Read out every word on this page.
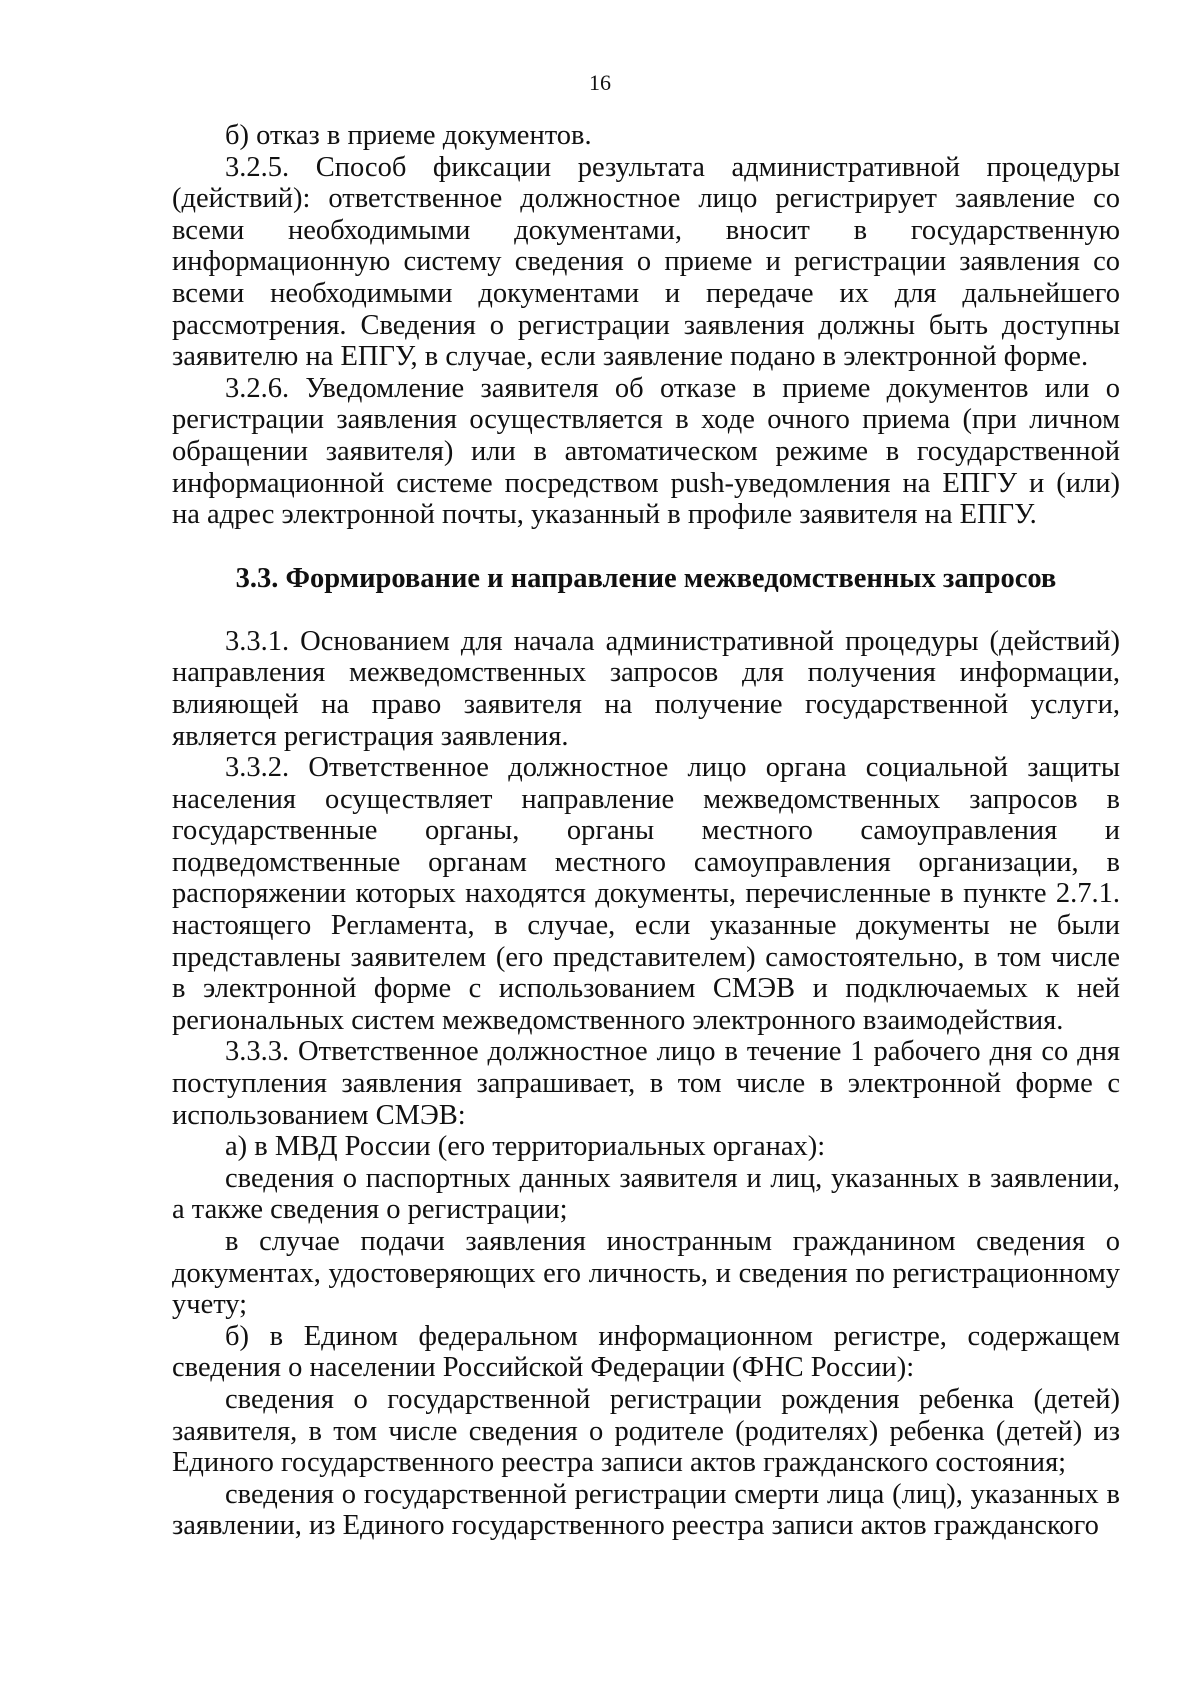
16

б) отказ в приеме документов.

3.2.5. Способ фиксации результата административной процедуры (действий): ответственное должностное лицо регистрирует заявление со всеми необходимыми документами, вносит в государственную информационную систему сведения о приеме и регистрации заявления со всеми необходимыми документами и передаче их для дальнейшего рассмотрения. Сведения о регистрации заявления должны быть доступны заявителю на ЕПГУ, в случае, если заявление подано в электронной форме.

3.2.6. Уведомление заявителя об отказе в приеме документов или о регистрации заявления осуществляется в ходе очного приема (при личном обращении заявителя) или в автоматическом режиме в государственной информационной системе посредством push-уведомления на ЕПГУ и (или) на адрес электронной почты, указанный в профиле заявителя на ЕПГУ.

3.3. Формирование и направление межведомственных запросов

3.3.1. Основанием для начала административной процедуры (действий) направления межведомственных запросов для получения информации, влияющей на право заявителя на получение государственной услуги, является регистрация заявления.

3.3.2. Ответственное должностное лицо органа социальной защиты населения осуществляет направление межведомственных запросов в государственные органы, органы местного самоуправления и подведомственные органам местного самоуправления организации, в распоряжении которых находятся документы, перечисленные в пункте 2.7.1. настоящего Регламента, в случае, если указанные документы не были представлены заявителем (его представителем) самостоятельно, в том числе в электронной форме с использованием СМЭВ и подключаемых к ней региональных систем межведомственного электронного взаимодействия.

3.3.3. Ответственное должностное лицо в течение 1 рабочего дня со дня поступления заявления запрашивает, в том числе в электронной форме с использованием СМЭВ:

а) в МВД России (его территориальных органах):

сведения о паспортных данных заявителя и лиц, указанных в заявлении, а также сведения о регистрации;

в случае подачи заявления иностранным гражданином сведения о документах, удостоверяющих его личность, и сведения по регистрационному учету;

б) в Едином федеральном информационном регистре, содержащем сведения о населении Российской Федерации (ФНС России):

сведения о государственной регистрации рождения ребенка (детей) заявителя, в том числе сведения о родителе (родителях) ребенка (детей) из Единого государственного реестра записи актов гражданского состояния;

сведения о государственной регистрации смерти лица (лиц), указанных в заявлении, из Единого государственного реестра записи актов гражданского
